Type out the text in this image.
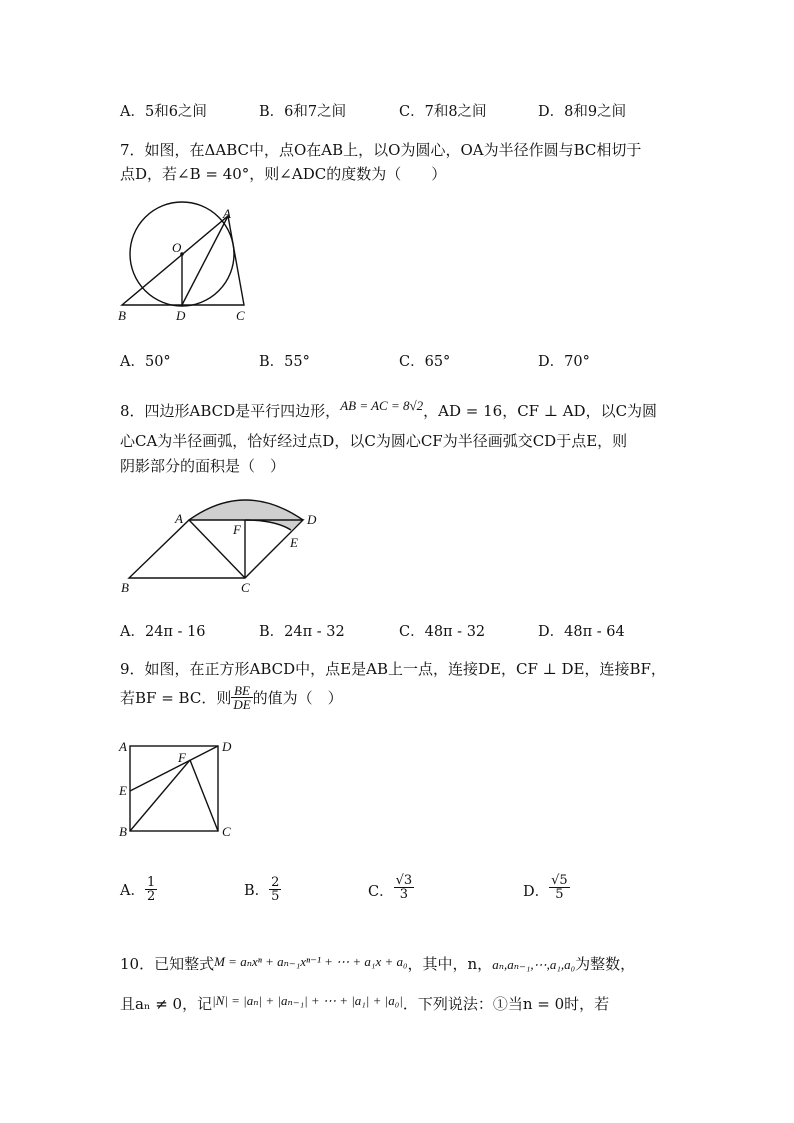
A．5和6之间	B．6和7之间	C．7和8之间	D．8和9之间
7．如图，在ΔABC中，点O在AB上，以O为圆心，OA为半径作圆与BC相切于
点D，若∠B = 40°，则∠ADC的度数为（　　）
A
O
B	D	C
A．50°	B．55°	C．65°	D．70°
8．四边形ABCD是平行四边形，AB = AC = 8√2，AD = 16，CF ⊥ AD，以C为圆
心CA为半径画弧，恰好经过点D，以C为圆心CF为半径画弧交CD于点E，则
阴影部分的面积是（　）
A
F
D
E
B	C
A．24π - 16	B．24π - 32	C．48π - 32	D．48π - 64
9．如图，在正方形ABCD中，点E是AB上一点，连接DE，CF ⊥ DE，连接BF，
若BF = BC．则 $\frac{BE}{DE}$ 的值为（　）
A	D
F
E
B	C
A． $\frac{1}{2}$	B． $\frac{2}{5}$	C． $\frac{√3}{3}$	D． $\frac{√5}{5}$
10．已知整式M = aₙxⁿ + aₙ₋₁xⁿ⁻¹ + ⋯ + a₁x + a₀，其中，n，aₙ,aₙ₋₁,⋯,a₁,a₀为整数，
且aₙ ≠ 0，记|N| = |aₙ| + |aₙ₋₁| + ⋯ + |a₁| + |a₀|．下列说法：①当n = 0时，若
